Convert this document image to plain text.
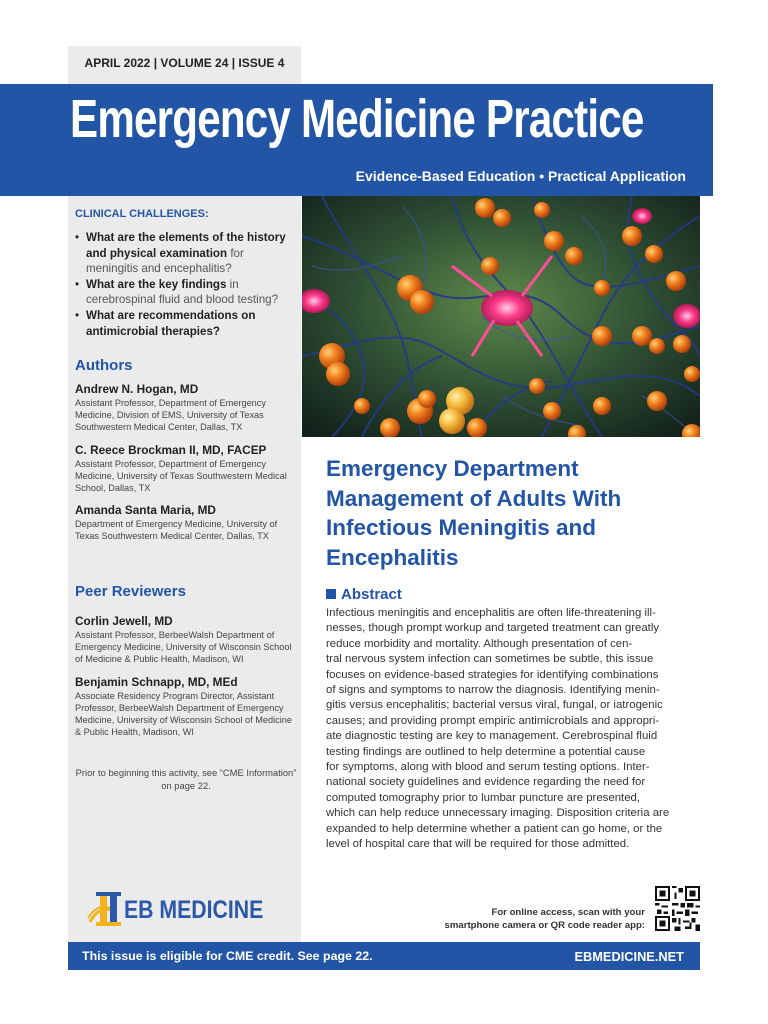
APRIL 2022 | VOLUME 24 | ISSUE 4
Emergency Medicine Practice
Evidence-Based Education • Practical Application
CLINICAL CHALLENGES:
• What are the elements of the history and physical examination for meningitis and encephalitis?
• What are the key findings in cerebrospinal fluid and blood testing?
• What are recommendations on antimicrobial therapies?
Authors
Andrew N. Hogan, MD
Assistant Professor, Department of Emergency Medicine, Division of EMS, University of Texas Southwestern Medical Center, Dallas, TX
C. Reece Brockman II, MD, FACEP
Assistant Professor, Department of Emergency Medicine, University of Texas Southwestern Medical School, Dallas, TX
Amanda Santa Maria, MD
Department of Emergency Medicine, University of Texas Southwestern Medical Center, Dallas, TX
Peer Reviewers
Corlin Jewell, MD
Assistant Professor, BerbeeWalsh Department of Emergency Medicine, University of Wisconsin School of Medicine & Public Health, Madison, WI
Benjamin Schnapp, MD, MEd
Associate Residency Program Director, Assistant Professor, BerbeeWalsh Department of Emergency Medicine, University of Wisconsin School of Medicine & Public Health, Madison, WI
Prior to beginning this activity, see “CME Information” on page 22.
EB MEDICINE
Emergency Department Management of Adults With Infectious Meningitis and Encephalitis
Abstract
Infectious meningitis and encephalitis are often life-threatening ill-
nesses, though prompt workup and targeted treatment can greatly
reduce morbidity and mortality. Although presentation of cen-
tral nervous system infection can sometimes be subtle, this issue
focuses on evidence-based strategies for identifying combinations
of signs and symptoms to narrow the diagnosis. Identifying menin-
gitis versus encephalitis; bacterial versus viral, fungal, or iatrogenic
causes; and providing prompt empiric antimicrobials and appropri-
ate diagnostic testing are key to management. Cerebrospinal fluid
testing findings are outlined to help determine a potential cause
for symptoms, along with blood and serum testing options. Inter-
national society guidelines and evidence regarding the need for
computed tomography prior to lumbar puncture are presented,
which can help reduce unnecessary imaging. Disposition criteria are
expanded to help determine whether a patient can go home, or the
level of hospital care that will be required for those admitted.
For online access, scan with your
smartphone camera or QR code reader app:
This issue is eligible for CME credit. See page 22.	EBMEDICINE.NET
